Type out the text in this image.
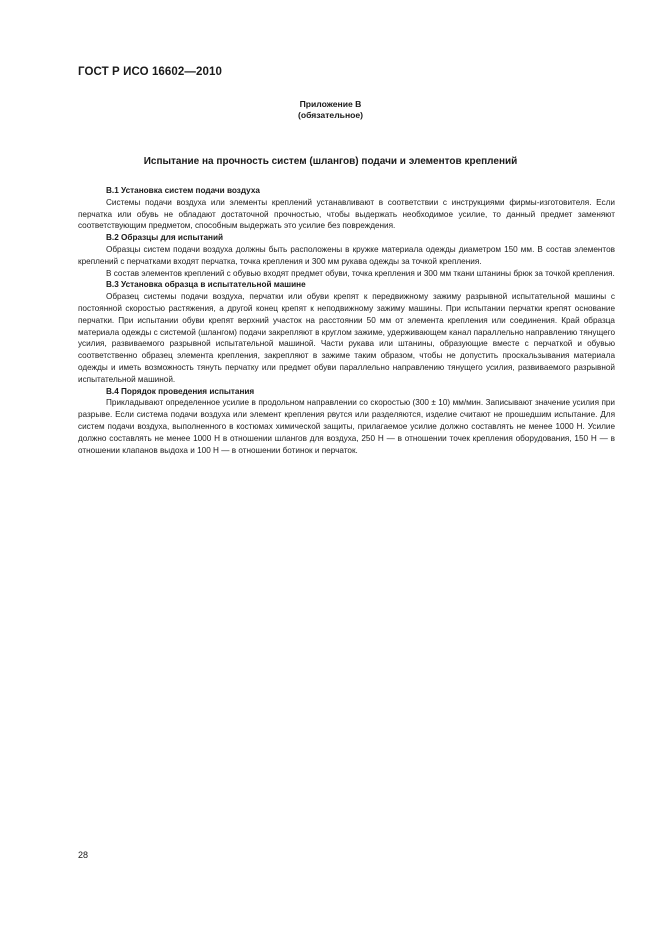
ГОСТ Р ИСО 16602—2010
Приложение В
(обязательное)
Испытание на прочность систем (шлангов) подачи и элементов креплений

В.1 Установка систем подачи воздуха

Системы подачи воздуха или элементы креплений устанавливают в соответствии с инструкциями фирмы-изготовителя. Если перчатка или обувь не обладают достаточной прочностью, чтобы выдержать необходимое усилие, то данный предмет заменяют соответствующим предметом, способным выдержать это усилие без повреждения.

В.2 Образцы для испытаний

Образцы систем подачи воздуха должны быть расположены в кружке материала одежды диаметром 150 мм. В состав элементов креплений с перчатками входят перчатка, точка крепления и 300 мм рукава одежды за точкой крепления.

В состав элементов креплений с обувью входят предмет обуви, точка крепления и 300 мм ткани штанины брюк за точкой крепления.

В.3 Установка образца в испытательной машине

Образец системы подачи воздуха, перчатки или обуви крепят к передвижному зажиму разрывной испытательной машины с постоянной скоростью растяжения, а другой конец крепят к неподвижному зажиму машины. При испытании перчатки крепят основание перчатки. При испытании обуви крепят верхний участок на расстоянии 50 мм от элемента крепления или соединения. Край образца материала одежды с системой (шлангом) подачи закрепляют в круглом зажиме, удерживающем канал параллельно направлению тянущего усилия, развиваемого разрывной испытательной машиной. Части рукава или штанины, образующие вместе с перчаткой и обувью соответственно образец элемента крепления, закрепляют в зажиме таким образом, чтобы не допустить проскальзывания материала одежды и иметь возможность тянуть перчатку или предмет обуви параллельно направлению тянущего усилия, развиваемого разрывной испытательной машиной.

В.4 Порядок проведения испытания

Прикладывают определенное усилие в продольном направлении со скоростью (300 ± 10) мм/мин. Записывают значение усилия при разрыве. Если система подачи воздуха или элемент крепления рвутся или разделяются, изделие считают не прошедшим испытание. Для систем подачи воздуха, выполненного в костюмах химической защиты, прилагаемое усилие должно составлять не менее 1000 Н. Усилие должно составлять не менее 1000 Н в отношении шлангов для воздуха, 250 Н — в отношении точек крепления оборудования, 150 Н — в отношении клапанов выдоха и 100 Н — в отношении ботинок и перчаток.

28
